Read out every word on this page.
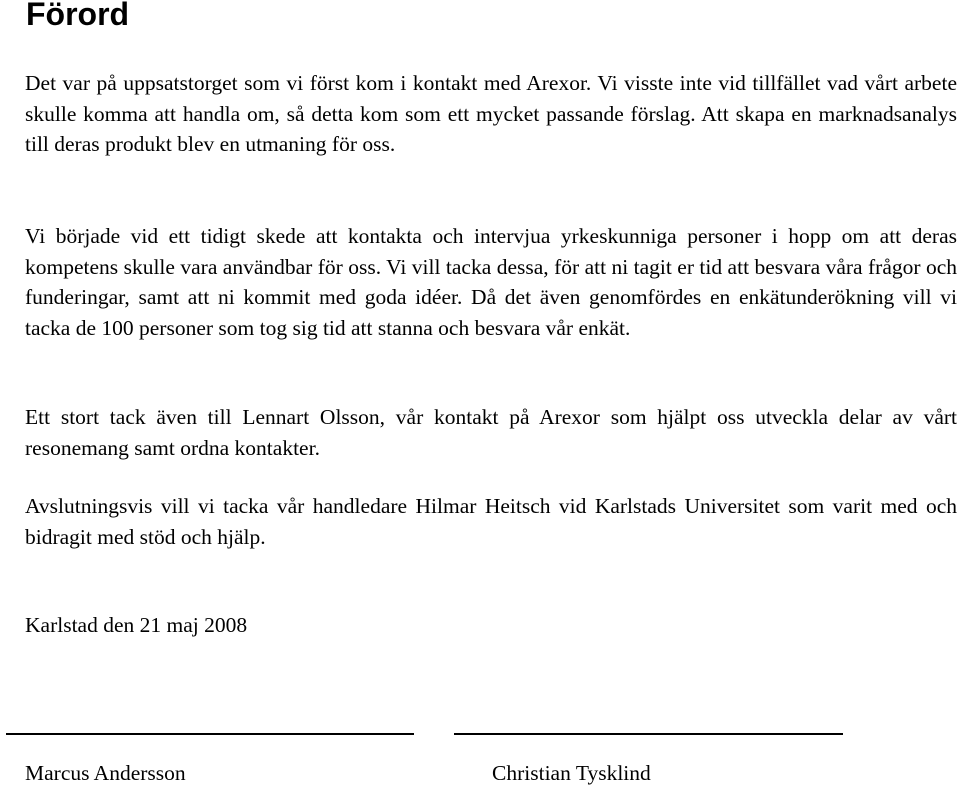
Förord

Det var på uppsatstorget som vi först kom i kontakt med Arexor. Vi visste inte vid tillfället vad vårt arbete skulle komma att handla om, så detta kom som ett mycket passande förslag. Att skapa en marknadsanalys till deras produkt blev en utmaning för oss.

Vi började vid ett tidigt skede att kontakta och intervjua yrkeskunniga personer i hopp om att deras kompetens skulle vara användbar för oss. Vi vill tacka dessa, för att ni tagit er tid att besvara våra frågor och funderingar, samt att ni kommit med goda idéer. Då det även genomfördes en enkätunderökning vill vi tacka de 100 personer som tog sig tid att stanna och besvara vår enkät.

Ett stort tack även till Lennart Olsson, vår kontakt på Arexor som hjälpt oss utveckla delar av vårt resonemang samt ordna kontakter.

Avslutningsvis vill vi tacka vår handledare Hilmar Heitsch vid Karlstads Universitet som varit med och bidragit med stöd och hjälp.

Karlstad den 21 maj 2008

Marcus Andersson	Christian Tysklind
